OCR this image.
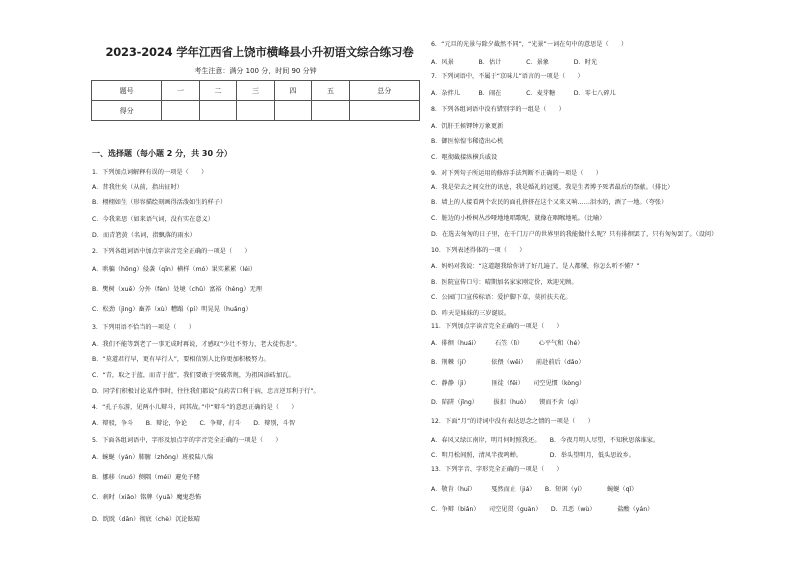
2023-2024 学年江西省上饶市横峰县小升初语文综合练习卷
考生注意：满分 100 分，时间 90 分钟
题号	一	二	三	四	五	总分
得分						
一、选择题（每小题 2 分，共 30 分）
1．下列加点词解释有误的一项是（　　）
A．昔我往矣（从前，指出征时）
B．栩栩如生（形容描绘刻画得活泼如生的样子）
C．今我来思（如来语气词，没有实在意义）
D．而青箬黄（名词，指飘落的雨水）
2．下列各组词语中加点字读音完全正确的一项是（　　）
A．哄骗（hōng）侵袭（qīn）横样（mó）果实累累（léi）
B．樊树（xuē）分外（fèn）处境（chǔ）富裕（hèng）无理
C．松劲（jìng）畜养（xù）糟蹋（pí）明晃晃（huǎng）
3．下列用语不恰当的一项是（　　）
A．我们不能等到老了一事无成时再说，才感叹“少壮不努力，老大徒伤悲”。
B．“莫道君行早，更有早行人”，要相信别人比你更加积极努力。
C．“青，取之于蓝，而青于蓝”，我们要敢于突破常规，为祖国添砖加瓦。
D．同学们积极讨论某件事时，往往我们都说“良药苦口利于病，忠言逆耳利于行”。
4．“孔子东游，见两小儿辩斗，问其故。”中“辩斗”的意思正确的是（　　）
A．辩驳，争斗　　B．辩论，争论　　C．争辩，打斗　　D．辩别，斗智
5．下面各组词语中，字形及加点字的字音完全正确的一项是（　　）
A．蜿蜒（yán）肺腑（zhōng）班驳陆八绵
B．挪移（nuó）侧隅（méi）避免予赌
C．刹时（xiǎo）铭牌（yuǎ）魔鬼恐怖
D．眈眈（dān）彻底（chè）沉论眩晴
6．“元旦的光景与除夕截然不同”，“光景”一词在句中的意思是（　　）
A．风景　　　　B．估计　　　　C．景象　　　　D．时光
7．下列词语中，不属于“京味儿”语言的一项是（　　）
A．杂拌儿　　　B．闹在　　　　C．麦芽糖　　　D．零七八碎儿
8．下列各组词语中没有错别字的一组是（　　）
A．饥肝王候钾钟万象更新
B．御医惊惶韦稀造出心机
C．呕彻截接纵横兵戚设
9．对下列句子所运用的修辞手法判断不正确的一项是（　　）
A．我是荣去之间交往的讯息，我是婚礼的冠冕，我是生者博予死者最后的祭献。（排比）
B．墙上的人接看两个农民的面孔挤挤在这个又来又响……泪水的，酒了一地。（夸张）
C．脏边的小桥树丛沙哑地地唱歌呢，就像在咽喉地吼。（比喻）
D．在选去匆匆的日子里，在千门万户的世界里的我能做什么呢？只有徘徊罢了，只有匆匆罢了。（设问）
10．下列表述得体的一项（　　）
A．妈妈对我说：“这道题我给你讲了好几遍了，是人都懂，你怎么听不懂？”
B．医院宣传口号：晴期加名家家刚定价，欢迎光顾。
C．公园门口宣传标语：爱护脚下草，莫折扶夫花。
D．昨天是妹妹的三岁诞辰。
11．下列加点字读音完全正确的一项是（　　）
A．徘徊（huái）　　　石笠（lì）　　　心平气和（hé）
B．荆棘（jí）　　　　依偎（wēi）　　前赴前后（dǎo）
C．静静（jì）　　　　匪徒（fěi）　　司空见惯（kòng）
D．陷阱（jǐng）　　　拔扣（huò）　　锲而不舍（qì）
12．下面“月”的诗词中没有表达思念之情的一项是（　　）
A．春风又绿江南岸，明月何时照我还。　　B．今夜月明人尽望，不知秋思落谁家。
C．明月松间照，清风半夜鸣蝉。　　　　　D．举头望明月，低头思故乡。
13．下列字音、字形完全正确的一项是（　　）
A．敬肯（huī）　　　戛然而止（jiá）　　B．短闲（yí）　　　　蜿蜒（qǐ）
C．争辩（biǎn）　　司空见贯（guàn）　　D．丑恶（wù）　　　　盐酸（yán）
